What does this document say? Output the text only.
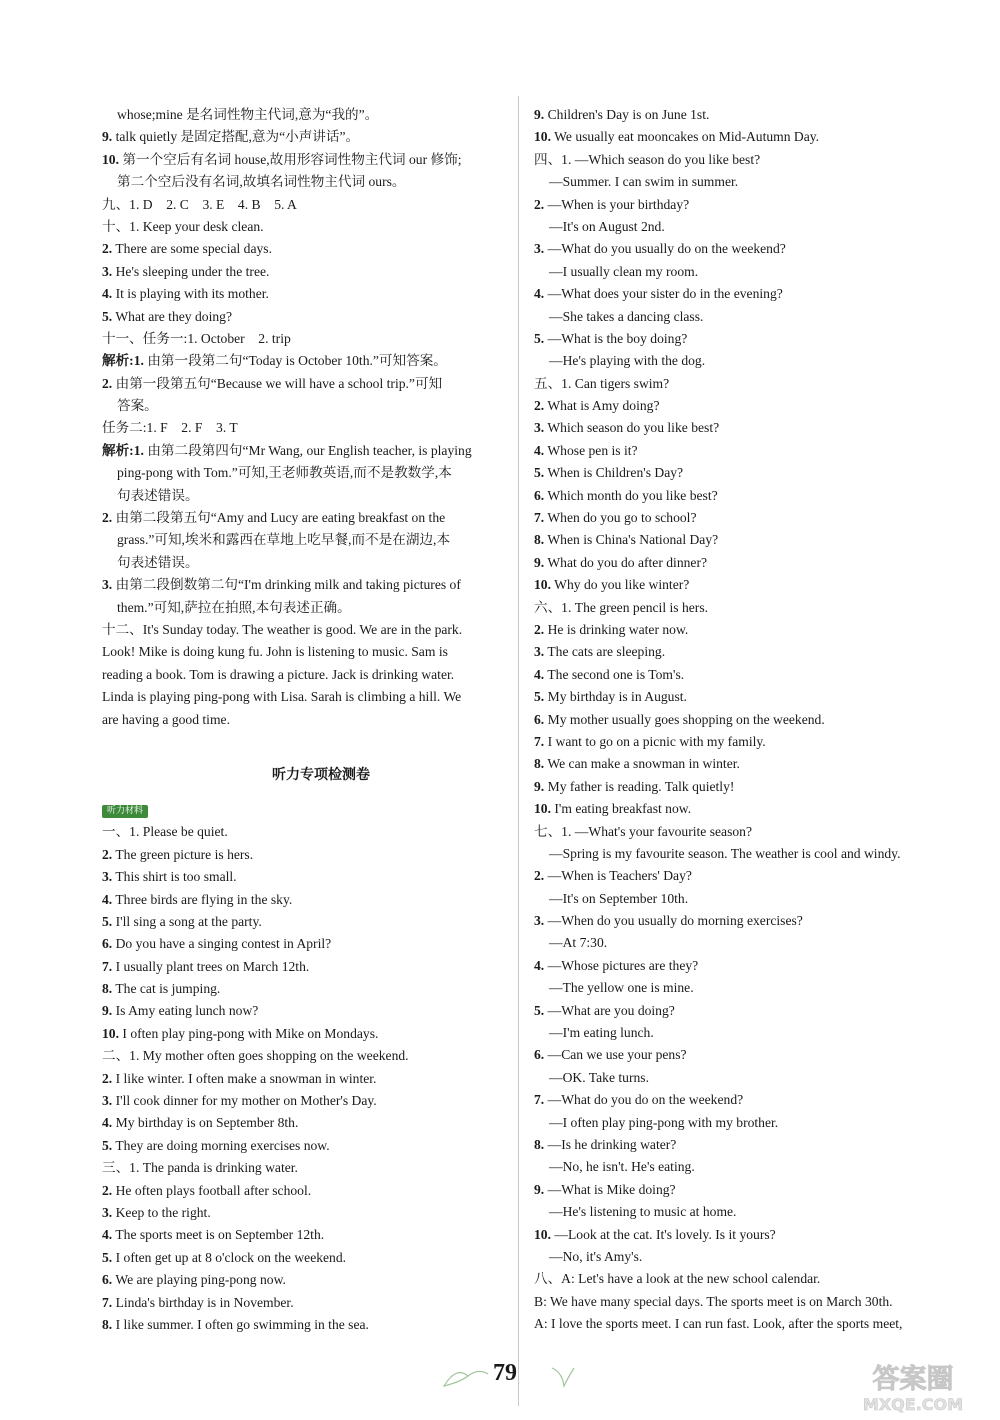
whose;mine 是名词性物主代词,意为“我的”。
9. talk quietly 是固定搭配,意为“小声讲话”。
10. 第一个空后有名词 house,故用形容词性物主代词 our 修饰;
第二个空后没有名词,故填名词性物主代词 ours。
九、1. D　2. C　3. E　4. B　5. A
十、1. Keep your desk clean.
2. There are some special days.
3. He's sleeping under the tree.
4. It is playing with its mother.
5. What are they doing?
十一、任务一:1. October　2. trip
解析:1. 由第一段第二句“Today is October 10th.”可知答案。
2. 由第一段第五句“Because we will have a school trip.”可知
答案。
任务二:1. F　2. F　3. T
解析:1. 由第二段第四句“Mr Wang, our English teacher, is playing
ping-pong with Tom.”可知,王老师教英语,而不是教数学,本
句表述错误。
2. 由第二段第五句“Amy and Lucy are eating breakfast on the
grass.”可知,埃米和露西在草地上吃早餐,而不是在湖边,本
句表述错误。
3. 由第二段倒数第二句“I'm drinking milk and taking pictures of
them.”可知,萨拉在拍照,本句表述正确。
十二、It's Sunday today. The weather is good. We are in the park.
Look! Mike is doing kung fu. John is listening to music. Sam is
reading a book. Tom is drawing a picture. Jack is drinking water.
Linda is playing ping-pong with Lisa. Sarah is climbing a hill. We
are having a good time.
听力专项检测卷
听力材料
一、1. Please be quiet.
2. The green picture is hers.
3. This shirt is too small.
4. Three birds are flying in the sky.
5. I'll sing a song at the party.
6. Do you have a singing contest in April?
7. I usually plant trees on March 12th.
8. The cat is jumping.
9. Is Amy eating lunch now?
10. I often play ping-pong with Mike on Mondays.
二、1. My mother often goes shopping on the weekend.
2. I like winter. I often make a snowman in winter.
3. I'll cook dinner for my mother on Mother's Day.
4. My birthday is on September 8th.
5. They are doing morning exercises now.
三、1. The panda is drinking water.
2. He often plays football after school.
3. Keep to the right.
4. The sports meet is on September 12th.
5. I often get up at 8 o'clock on the weekend.
6. We are playing ping-pong now.
7. Linda's birthday is in November.
8. I like summer. I often go swimming in the sea.
9. Children's Day is on June 1st.
10. We usually eat mooncakes on Mid-Autumn Day.
四、1. —Which season do you like best?
—Summer. I can swim in summer.
2. —When is your birthday?
—It's on August 2nd.
3. —What do you usually do on the weekend?
—I usually clean my room.
4. —What does your sister do in the evening?
—She takes a dancing class.
5. —What is the boy doing?
—He's playing with the dog.
五、1. Can tigers swim?
2. What is Amy doing?
3. Which season do you like best?
4. Whose pen is it?
5. When is Children's Day?
6. Which month do you like best?
7. When do you go to school?
8. When is China's National Day?
9. What do you do after dinner?
10. Why do you like winter?
六、1. The green pencil is hers.
2. He is drinking water now.
3. The cats are sleeping.
4. The second one is Tom's.
5. My birthday is in August.
6. My mother usually goes shopping on the weekend.
7. I want to go on a picnic with my family.
8. We can make a snowman in winter.
9. My father is reading. Talk quietly!
10. I'm eating breakfast now.
七、1. —What's your favourite season?
—Spring is my favourite season. The weather is cool and windy.
2. —When is Teachers' Day?
—It's on September 10th.
3. —When do you usually do morning exercises?
—At 7:30.
4. —Whose pictures are they?
—The yellow one is mine.
5. —What are you doing?
—I'm eating lunch.
6. —Can we use your pens?
—OK. Take turns.
7. —What do you do on the weekend?
—I often play ping-pong with my brother.
8. —Is he drinking water?
—No, he isn't. He's eating.
9. —What is Mike doing?
—He's listening to music at home.
10. —Look at the cat. It's lovely. Is it yours?
—No, it's Amy's.
八、A: Let's have a look at the new school calendar.
B: We have many special days. The sports meet is on March 30th.
A: I love the sports meet. I can run fast. Look, after the sports meet,
79	答案圈
MXQE.COM
